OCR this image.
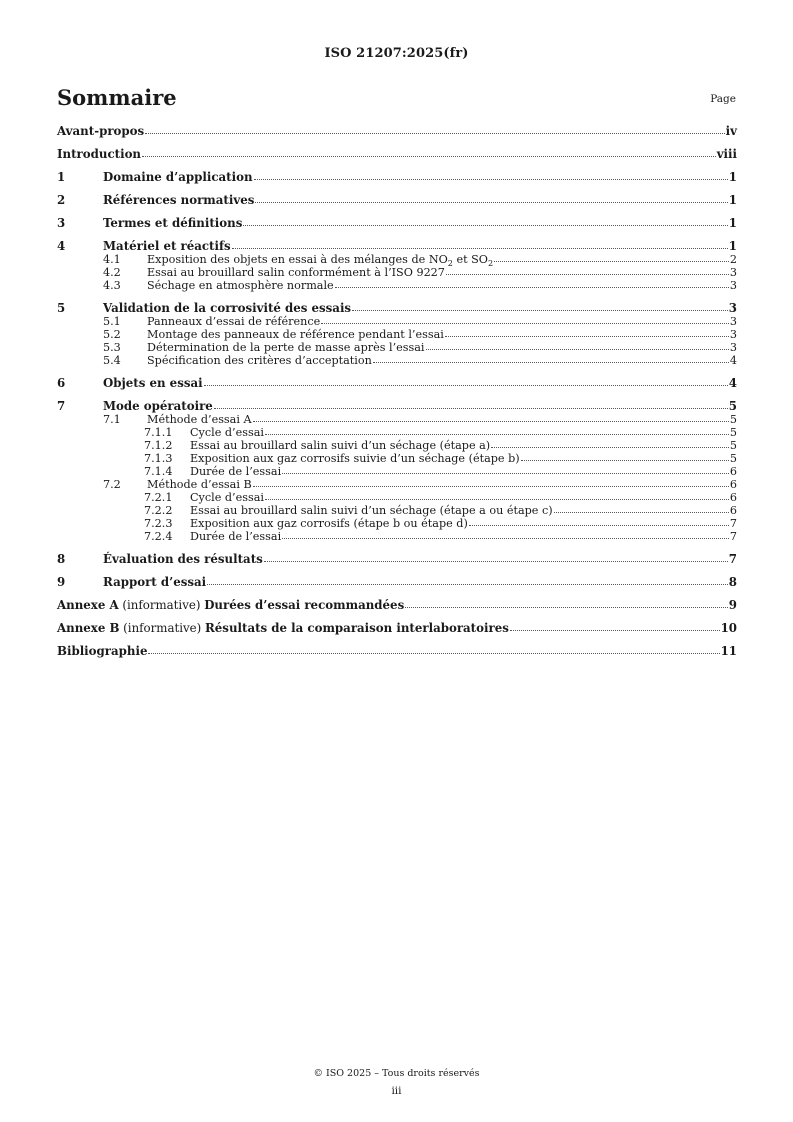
ISO 21207:2025(fr)
Sommaire	Page
Avant-propos	iv
Introduction	viii
1	Domaine d’application	1
2	Références normatives	1
3	Termes et définitions	1
4	Matériel et réactifs	1
4.1	Exposition des objets en essai à des mélanges de $NO_2$ et $SO_2$	2
4.2	Essai au brouillard salin conformément à l’ISO 9227	3
4.3	Séchage en atmosphère normale	3
5	Validation de la corrosivité des essais	3
5.1	Panneaux d’essai de référence	3
5.2	Montage des panneaux de référence pendant l’essai	3
5.3	Détermination de la perte de masse après l’essai	3
5.4	Spécification des critères d’acceptation	4
6	Objets en essai	4
7	Mode opératoire	5
7.1	Méthode d’essai A	5
7.1.1	Cycle d’essai	5
7.1.2	Essai au brouillard salin suivi d’un séchage (étape a)	5
7.1.3	Exposition aux gaz corrosifs suivie d’un séchage (étape b)	5
7.1.4	Durée de l’essai	6
7.2	Méthode d’essai B	6
7.2.1	Cycle d’essai	6
7.2.2	Essai au brouillard salin suivi d’un séchage (étape a ou étape c)	6
7.2.3	Exposition aux gaz corrosifs (étape b ou étape d)	7
7.2.4	Durée de l’essai	7
8	Évaluation des résultats	7
9	Rapport d’essai	8
Annexe A (informative) Durées d’essai recommandées	9
Annexe B (informative) Résultats de la comparaison interlaboratoires	10
Bibliographie	11
© ISO 2025 – Tous droits réservés
iii
